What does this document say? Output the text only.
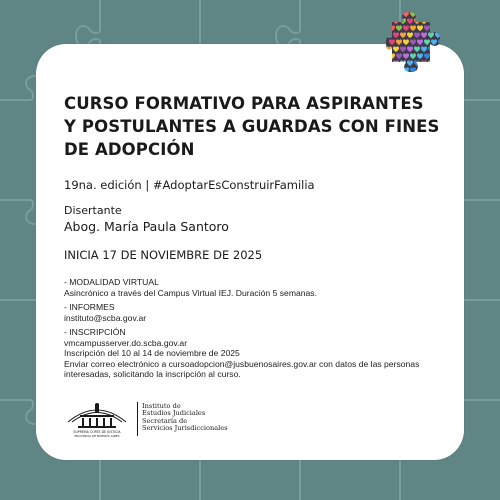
CURSO FORMATIVO PARA ASPIRANTES
Y POSTULANTES A GUARDAS CON FINES
DE ADOPCIÓN
19na. edición | #AdoptarEsConstruirFamilia
Disertante
Abog. María Paula Santoro
INICIA 17 DE NOVIEMBRE DE 2025
- MODALIDAD VIRTUAL
Asincrónico a través del Campus Virtual IEJ. Duración 5 semanas.
- INFORMES
instituto@scba.gov.ar
- INSCRIPCIÓN
vmcampusserver.do.scba.gov.ar
Inscripción del 10 al 14 de noviembre de 2025
Enviar correo electrónico a cursoadopcion@jusbuenosaires.gov.ar con datos de las personas
interesadas, solicitando la inscripción al curso.
SUPREMA CORTE DE JUSTICIA
PROVINCIA DE BUENOS AIRES
Instituto de
Estudios Judiciales
Secretaría de
Servicios Jurisdiccionales
